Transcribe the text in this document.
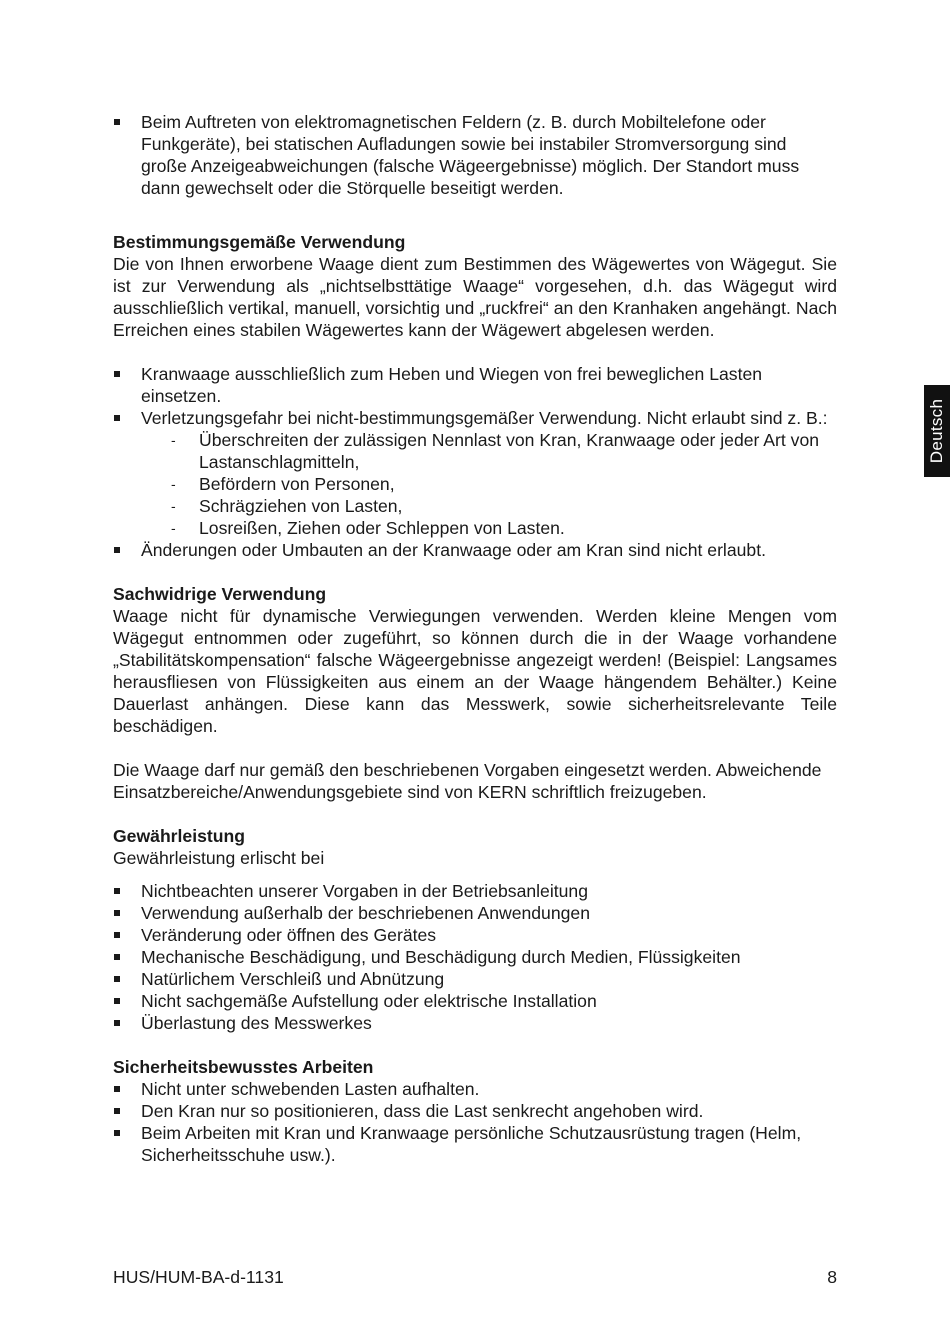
Beim Auftreten von elektromagnetischen Feldern (z. B. durch Mobiltelefone oder Funkgeräte), bei statischen Aufladungen sowie bei instabiler Stromversorgung sind große Anzeigeabweichungen (falsche Wägeergebnisse) möglich. Der Standort muss dann gewechselt oder die Störquelle beseitigt werden.

Bestimmungsgemäße Verwendung

Die von Ihnen erworbene Waage dient zum Bestimmen des Wägewertes von Wägegut. Sie ist zur Verwendung als „nichtselbsttätige Waage“ vorgesehen, d.h. das Wägegut wird ausschließlich vertikal, manuell, vorsichtig und „ruckfrei“ an den Kranhaken angehängt. Nach Erreichen eines stabilen Wägewertes kann der Wägewert abgelesen werden.

Kranwaage ausschließlich zum Heben und Wiegen von frei beweglichen Lasten einsetzen.
Verletzungsgefahr bei nicht-bestimmungsgemäßer Verwendung. Nicht erlaubt sind z. B.:
- Überschreiten der zulässigen Nennlast von Kran, Kranwaage oder jeder Art von Lastanschlagmitteln,
- Befördern von Personen,
- Schrägziehen von Lasten,
- Losreißen, Ziehen oder Schleppen von Lasten.
Änderungen oder Umbauten an der Kranwaage oder am Kran sind nicht erlaubt.

Sachwidrige Verwendung

Waage nicht für dynamische Verwiegungen verwenden. Werden kleine Mengen vom Wägegut entnommen oder zugeführt, so können durch die in der Waage vorhandene „Stabilitätskompensation“ falsche Wägeergebnisse angezeigt werden! (Beispiel: Langsames herausfliesen von Flüssigkeiten aus einem an der Waage hängendem Behälter.) Keine Dauerlast anhängen. Diese kann das Messwerk, sowie sicherheitsrelevante Teile beschädigen.

Die Waage darf nur gemäß den beschriebenen Vorgaben eingesetzt werden. Abweichende Einsatzbereiche/Anwendungsgebiete sind von KERN schriftlich freizugeben.

Gewährleistung

Gewährleistung erlischt bei

Nichtbeachten unserer Vorgaben in der Betriebsanleitung
Verwendung außerhalb der beschriebenen Anwendungen
Veränderung oder öffnen des Gerätes
Mechanische Beschädigung, und Beschädigung durch Medien, Flüssigkeiten
Natürlichem Verschleiß und Abnützung
Nicht sachgemäße Aufstellung oder elektrische Installation
Überlastung des Messwerkes

Sicherheitsbewusstes Arbeiten

Nicht unter schwebenden Lasten aufhalten.
Den Kran nur so positionieren, dass die Last senkrecht angehoben wird.
Beim Arbeiten mit Kran und Kranwaage persönliche Schutzausrüstung tragen (Helm, Sicherheitsschuhe usw.).
Deutsch
HUS/HUM-BA-d-1131	8
